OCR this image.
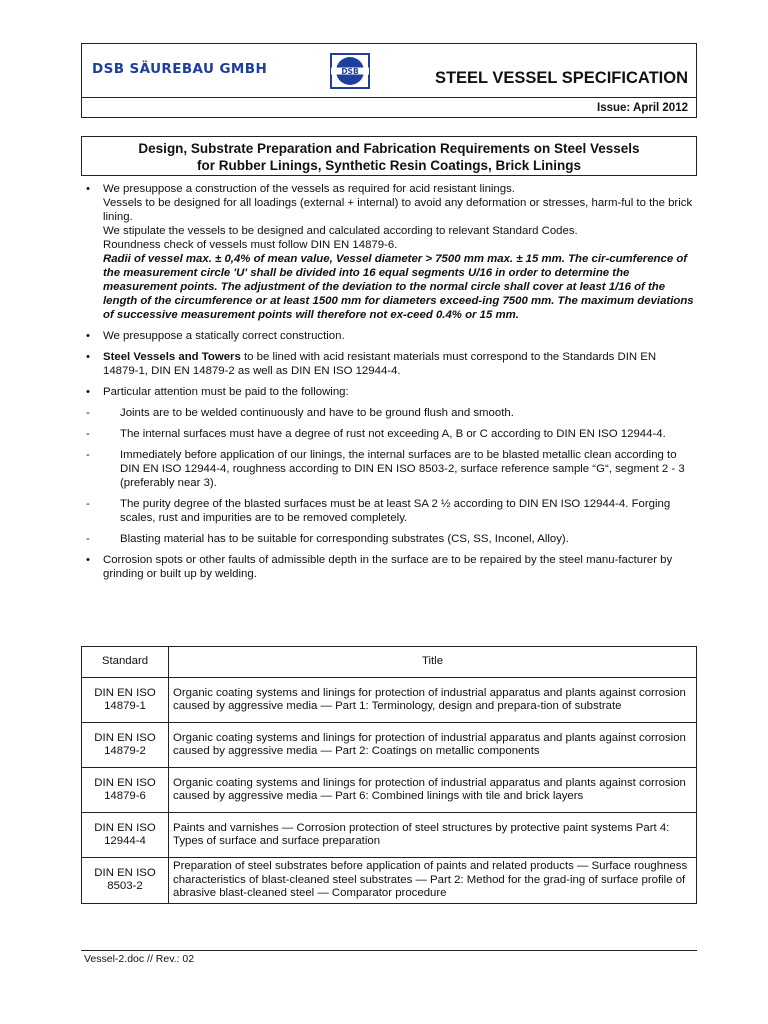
DSB SÄUREBAU GMBH	DSB	STEEL VESSEL SPECIFICATION
Issue: April 2012
Design, Substrate Preparation and Fabrication Requirements on Steel Vessels
for Rubber Linings, Synthetic Resin Coatings, Brick Linings
•	We presuppose a construction of the vessels as required for acid resistant linings.

Vessels to be designed for all loadings (external + internal) to avoid any deformation or stresses, harm-ful to the brick lining.

We stipulate the vessels to be designed and calculated according to relevant Standard Codes.

Roundness check of vessels must follow DIN EN 14879-6.

Radii of vessel max. ± 0,4% of mean value, Vessel diameter > 7500 mm max. ± 15 mm. The cir-cumference of the measurement circle 'U' shall be divided into 16 equal segments U/16 in order to determine the measurement points. The adjustment of the deviation to the normal circle shall cover at least 1/16 of the length of the circumference or at least 1500 mm for diameters exceed-ing 7500 mm. The maximum deviations of successive measurement points will therefore not ex-ceed 0.4% or 15 mm.

•	We presuppose a statically correct construction.

•	Steel Vessels and Towers to be lined with acid resistant materials must correspond to the Standards DIN EN 14879-1, DIN EN 14879-2 as well as DIN EN ISO 12944-4.

•	Particular attention must be paid to the following:

-	Joints are to be welded continuously and have to be ground flush and smooth.

-	The internal surfaces must have a degree of rust not exceeding A, B or C according to DIN EN ISO 12944-4.

-	Immediately before application of our linings, the internal surfaces are to be blasted metallic clean according to DIN EN ISO 12944-4, roughness according to DIN EN ISO 8503-2, surface reference sample “G“, segment 2 - 3 (preferably near 3).

-	The purity degree of the blasted surfaces must be at least SA 2 ½ according to DIN EN ISO 12944-4. Forging scales, rust and impurities are to be removed completely.

-	Blasting material has to be suitable for corresponding substrates (CS, SS, Inconel, Alloy).

•	Corrosion spots or other faults of admissible depth in the surface are to be repaired by the steel manu-facturer by grinding or built up by welding.

Standard	Title

DIN EN ISO
14879-1	Organic coating systems and linings for protection of industrial apparatus and plants against corrosion caused by aggressive media — Part 1: Terminology, design and prepara-tion of substrate

DIN EN ISO
14879-2	Organic coating systems and linings for protection of industrial apparatus and plants against corrosion caused by aggressive media — Part 2: Coatings on metallic components

DIN EN ISO
14879-6	Organic coating systems and linings for protection of industrial apparatus and plants against corrosion caused by aggressive media — Part 6: Combined linings with tile and brick layers

DIN EN ISO
12944-4	Paints and varnishes — Corrosion protection of steel structures by protective paint systems Part 4: Types of surface and surface preparation

DIN EN ISO
8503-2	Preparation of steel substrates before application of paints and related products — Surface roughness characteristics of blast-cleaned steel substrates — Part 2: Method for the grad-ing of surface profile of abrasive blast-cleaned steel — Comparator procedure
Vessel-2.doc // Rev.: 02
